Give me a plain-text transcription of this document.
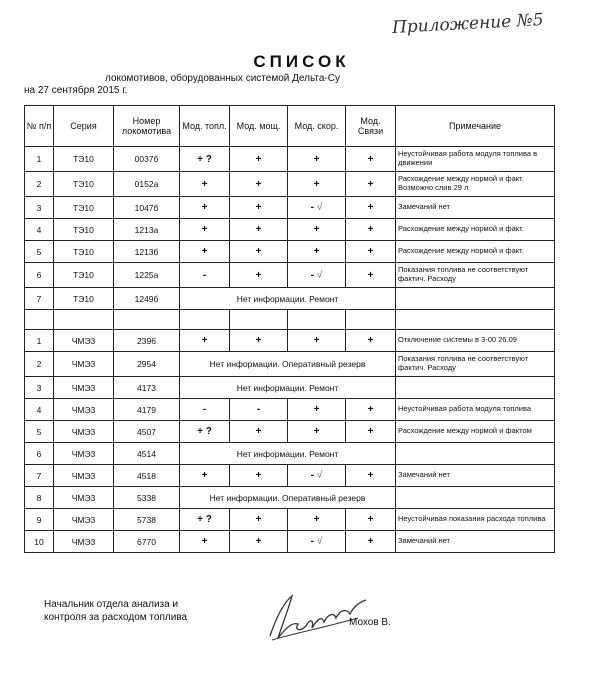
Приложение №5
СПИСОК
локомотивов, оборудованных системой Дельта-Су
на 27 сентября 2015 г.
№ п/п	Серия	Номер локомотива	Мод. топл.	Мод. мощ.	Мод. скор.	Мод. Связи	Примечание
1	ТЭ10	0037б	+ ?	+	+	+	Неустойчивая работа модуля топлива в движении
2	ТЭ10	0152а	+	+	+	+	Расхождение между нормой и факт. Возможно слив 29 л
3	ТЭ10	1047б	+	+	- √	+	Замечаний нет
4	ТЭ10	1213а	+	+	+	+	Расхождение между нормой и факт.
5	ТЭ10	1213б	+	+	+	+	Расхождение между нормой и факт.
6	ТЭ10	1225а	-	+	- √	+	Показания топлива не соответствуют фактич. Расходу
7	ТЭ10	1249б	Нет информации. Ремонт				

1	ЧМЭ3	2396	+	+	+	+	Отключение системы в 3-00 26.09
2	ЧМЭ3	2954	Нет информации. Оперативный резерв				Показания топлива не соответствуют фактич. Расходу
3	ЧМЭ3	4173	Нет информации. Ремонт				
4	ЧМЭ3	4179	-	-	+	+	Неустойчивая работа модуля топлива
5	ЧМЭ3	4507	+ ?	+	+	+	Расхождение между нормой и фактом
6	ЧМЭ3	4514	Нет информации. Ремонт				
7	ЧМЭ3	4518	+	+	- √	+	Замечаний нет
8	ЧМЭ3	5338	Нет информации. Оперативный резерв				
9	ЧМЭ3	5738	+ ?	+	+	+	Неустойчивая показания расхода топлива
10	ЧМЭ3	6770	+	+	- √	+	Замечаний нет
Начальник отдела анализа и
контроля за расходом топлива	Мохов В.
